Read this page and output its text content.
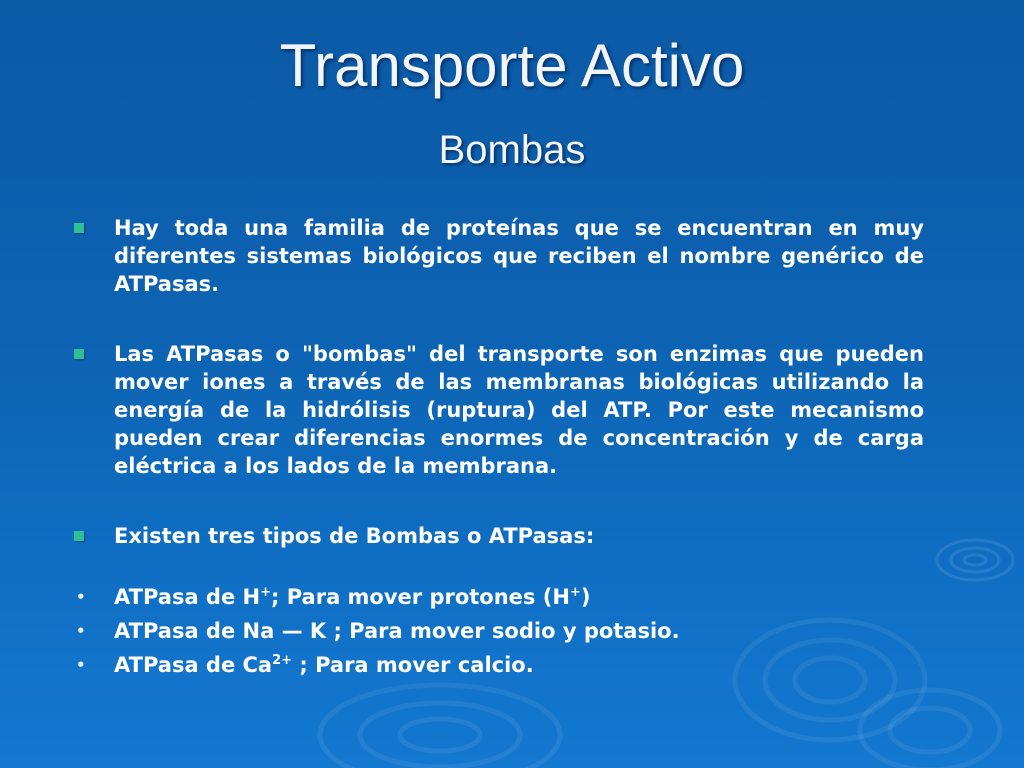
Transporte Activo
Bombas
Hay toda una familia de proteínas que se encuentran en muy diferentes sistemas biológicos que reciben el nombre genérico de ATPasas.
Las ATPasas o "bombas" del transporte son enzimas que pueden mover iones a través de las membranas biológicas utilizando la energía de la hidrólisis (ruptura) del ATP. Por este mecanismo pueden crear diferencias enormes de concentración y de carga eléctrica a los lados de la membrana.
Existen tres tipos de Bombas o ATPasas:
• ATPasa de H+; Para mover protones (H+)
• ATPasa de Na — K ; Para mover sodio y potasio.
• ATPasa de $Ca^{2+}$ ; Para mover calcio.
